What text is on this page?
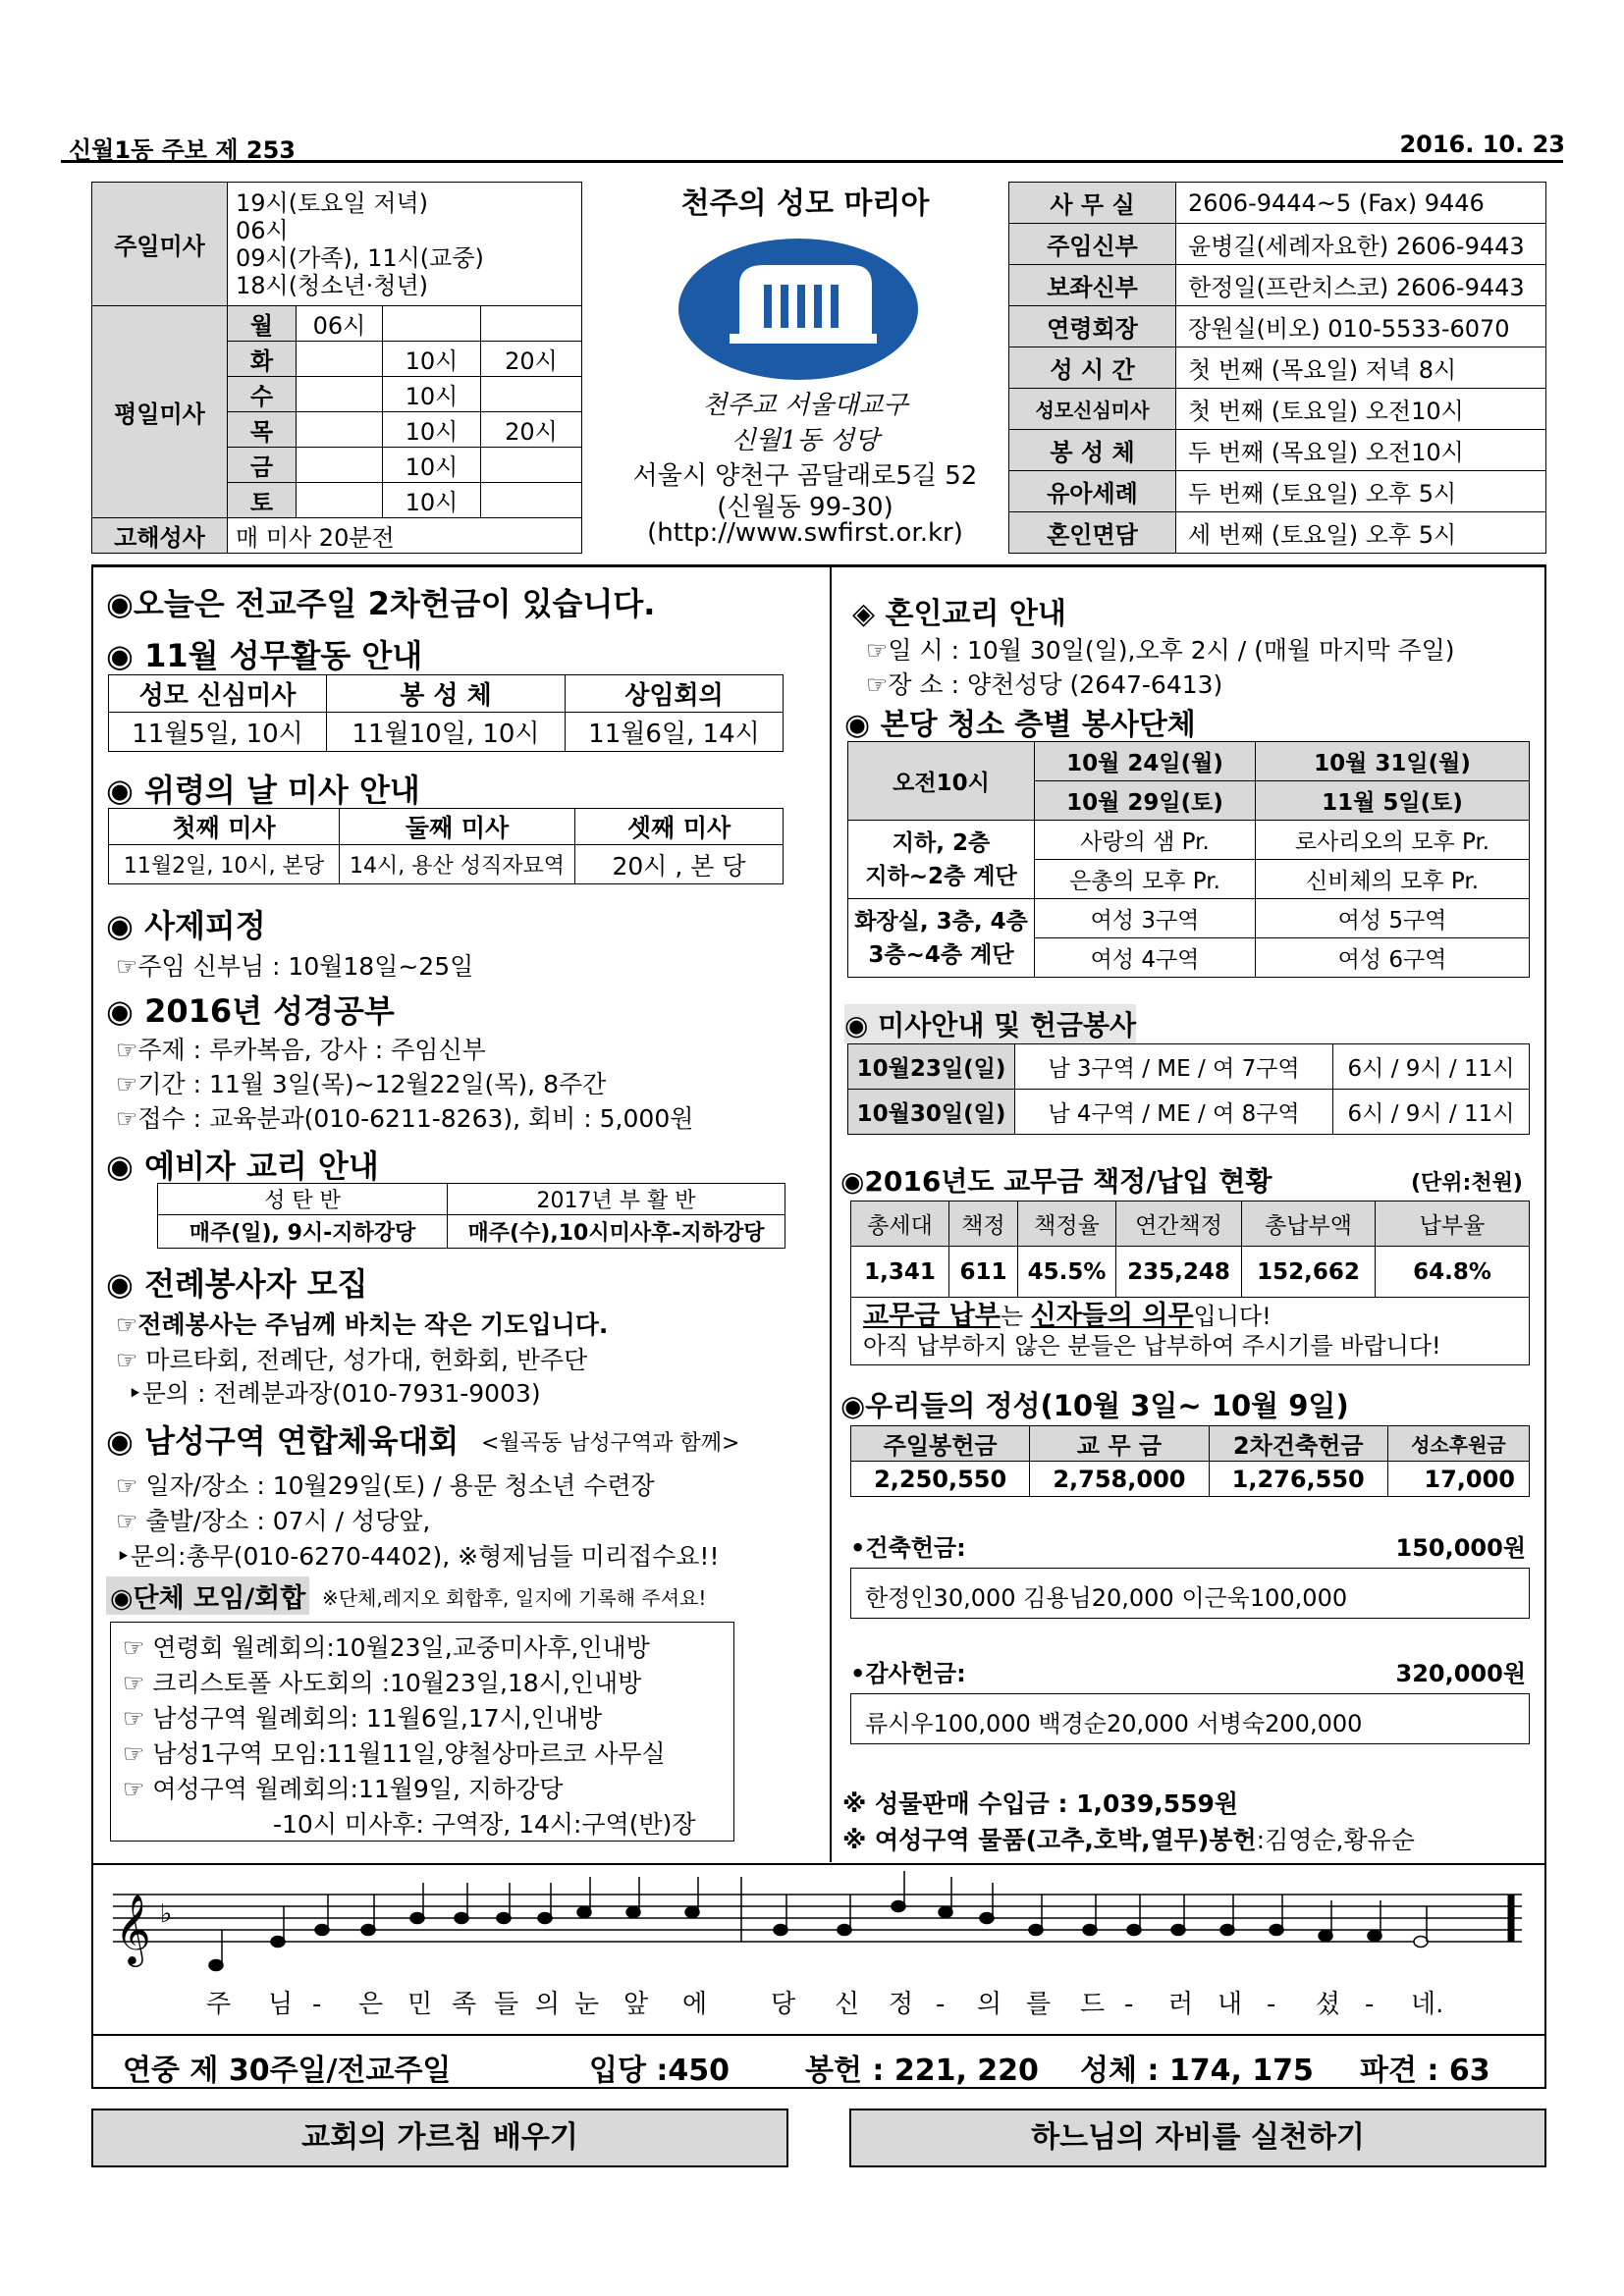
신월1동 주보 제 253	2016. 10. 23
주일미사	19시(토요일 저녁)
06시
09시(가족), 11시(교중)
18시(청소년·청년)			

평일미사	월	06시		
	화		10시	20시
	수		10시	
	목		10시	20시
	금		10시	
	토		10시	
고해성사	매 미사 20분전			
천주의 성모 마리아
천주교 서울대교구
신월1동 성당
서울시 양천구 곰달래로5길 52
(신월동 99-30)
(http://www.swfirst.or.kr)
사 무 실	2606-9444~5 (Fax) 9446
주임신부	윤병길(세례자요한) 2606-9443
보좌신부	한정일(프란치스코) 2606-9443
연령회장	장원실(비오) 010-5533-6070
성 시 간	첫 번째 (목요일) 저녁 8시
성모신심미사	첫 번째 (토요일) 오전10시
봉 성 체	두 번째 (목요일) 오전10시
유아세례	두 번째 (토요일) 오후 5시
혼인면담	세 번째 (토요일) 오후 5시
◉오늘은 전교주일 2차헌금이 있습니다.
◉ 11월 성무활동 안내
성모 신심미사	봉 성 체	상임회의
11월5일, 10시	11월10일, 10시	11월6일, 14시
◉ 위령의 날 미사 안내
첫째 미사	둘째 미사	셋째 미사
11월2일, 10시, 본당	14시, 용산 성직자묘역	20시 , 본 당
◉ 사제피정
☞주임 신부님 : 10월18일~25일
◉ 2016년 성경공부
☞주제 : 루카복음, 강사 : 주임신부
☞기간 : 11월 3일(목)~12월22일(목), 8주간
☞접수 : 교육분과(010-6211-8263), 회비 : 5,000원
◉ 예비자 교리 안내
성 탄 반	2017년 부 활 반
매주(일), 9시-지하강당	매주(수),10시미사후-지하강당
◉ 전례봉사자 모집
☞전례봉사는 주님께 바치는 작은 기도입니다.
☞ 마르타회, 전례단, 성가대, 헌화회, 반주단
‣문의 : 전례분과장(010-7931-9003)
◉ 남성구역 연합체육대회 <월곡동 남성구역과 함께>
☞ 일자/장소 : 10월29일(토) / 용문 청소년 수련장
☞ 출발/장소 : 07시 / 성당앞,
‣문의:총무(010-6270-4402), ※형제님들 미리접수요!!
◉단체 모임/회합 ※단체,레지오 회합후, 일지에 기록해 주셔요!
☞ 연령회 월례회의:10월23일,교중미사후,인내방
☞ 크리스토폴 사도회의 :10월23일,18시,인내방
☞ 남성구역 월례회의: 11월6일,17시,인내방
☞ 남성1구역 모임:11월11일,양철상마르코 사무실
☞ 여성구역 월례회의:11월9일, 지하강당
-10시 미사후: 구역장, 14시:구역(반)장
◈ 혼인교리 안내
☞일 시 : 10월 30일(일),오후 2시 / (매월 마지막 주일)
☞장 소 : 양천성당 (2647-6413)
◉ 본당 청소 층별 봉사단체
오전10시	10월 24일(월)	10월 31일(월)
	10월 29일(토)	11월 5일(토)

지하, 2층
지하~2층 계단	사랑의 샘 Pr.	로사리오의 모후 Pr.
	은총의 모후 Pr.	신비체의 모후 Pr.

화장실, 3층, 4층
3층~4층 계단	여성 3구역	여성 5구역
	여성 4구역	여성 6구역
◉ 미사안내 및 헌금봉사
10월23일(일)	남 3구역 / ME / 여 7구역	6시 / 9시 / 11시
10월30일(일)	남 4구역 / ME / 여 8구역	6시 / 9시 / 11시
◉2016년도 교무금 책정/납입 현황	(단위:천원)
총세대	책정	책정율	연간책정	총납부액	납부율
1,341	611	45.5%	235,248	152,662	64.8%

교무금 납부는 신자들의 의무입니다!
아직 납부하지 않은 분들은 납부하여 주시기를 바랍니다!					
◉우리들의 정성(10월 3일~ 10월 9일)
주일봉헌금	교 무 금	2차건축헌금	성소후원금
2,250,550	2,758,000	1,276,550	17,000
•건축헌금:	150,000원
한정인30,000 김용님20,000 이근욱100,000
•감사헌금:	320,000원
류시우100,000 백경순20,000 서병숙200,000
※ 성물판매 수입금 : 1,039,559원
※ 여성구역 물품(고추,호박,열무)봉헌:김영순,황유순
𝄞 ♭
주 님 - 은 민 족 들 의 눈 앞 에 당 신 정 - 의 를 드 - 러 내 - 셨 - 네.
연중 제 30주일/전교주일	입당 :450	봉헌 : 221, 220 성체 : 174, 175 파견 : 63
교회의 가르침 배우기	하느님의 자비를 실천하기
